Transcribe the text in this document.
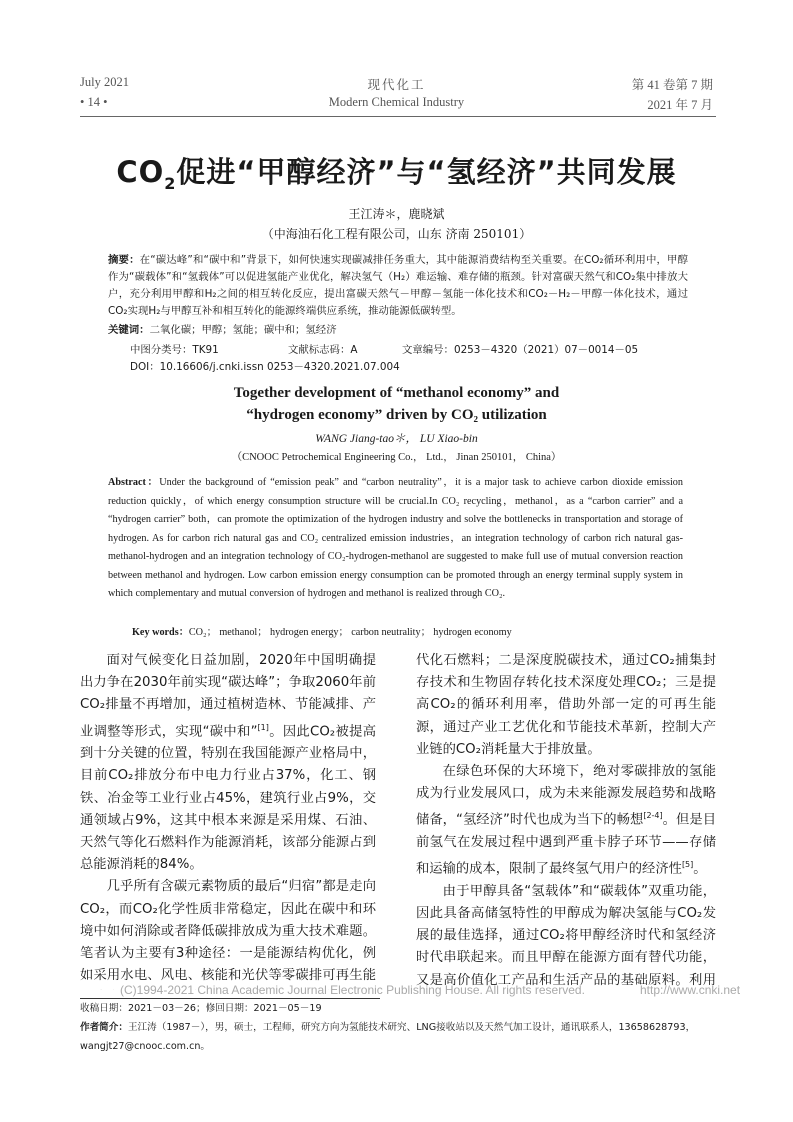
July 2021
• 14 •
现代化工
Modern Chemical Industry
第 41 卷第 7 期
2021 年 7 月
$CO_2$促进“甲醇经济”与“氢经济”共同发展
王江涛＊，鹿晓斌
（中海油石化工程有限公司，山东 济南 250101）
摘要：在“碳达峰”和“碳中和”背景下，如何快速实现碳减排任务重大，其中能源消费结构至关重要。在CO₂循环利用中，甲醇作为“碳载体”和“氢载体”可以促进氢能产业优化，解决氢气（H₂）难运输、难存储的瓶颈。针对富碳天然气和CO₂集中排放大户，充分利用甲醇和H₂之间的相互转化反应，提出富碳天然气－甲醇－氢能一体化技术和CO₂－H₂－甲醇一体化技术，通过CO₂实现H₂与甲醇互补和相互转化的能源终端供应系统，推动能源低碳转型。
关键词：二氧化碳；甲醇；氢能；碳中和；氢经济
中图分类号：TK91	文献标志码：A	文章编号：0253－4320（2021）07－0014－05
DOI：10.16606/j.cnki.issn 0253－4320.2021.07.004
Together development of “methanol economy” and
“hydrogen economy” driven by CO₂ utilization
WANG Jiang-tao＊， LU Xiao-bin
（CNOOC Petrochemical Engineering Co.， Ltd.， Jinan 250101， China）
Abstract：Under the background of “emission peak” and “carbon neutrality”，it is a major task to achieve carbon dioxide emission reduction quickly，of which energy consumption structure will be crucial.In CO₂ recycling，methanol，as a “carbon carrier” and a “hydrogen carrier” both，can promote the optimization of the hydrogen industry and solve the bottlenecks in transportation and storage of hydrogen. As for carbon rich natural gas and CO₂ centralized emission industries，an integration technology of carbon rich natural gas-methanol-hydrogen and an integration technology of CO₂-hydrogen-methanol are suggested to make full use of mutual conversion reaction between methanol and hydrogen. Low carbon emission energy consumption can be promoted through an energy terminal supply system in which complementary and mutual conversion of hydrogen and methanol is realized through CO₂.
Key words：CO₂； methanol； hydrogen energy； carbon neutrality； hydrogen economy

面对气候变化日益加剧，2020年中国明确提出力争在2030年前实现“碳达峰”；争取2060年前CO₂排量不再增加，通过植树造林、节能减排、产业调整等形式，实现“碳中和”[1]。因此CO₂被提高到十分关键的位置，特别在我国能源产业格局中，目前CO₂排放分布中电力行业占37%，化工、钢铁、冶金等工业行业占45%，建筑行业占9%，交通领域占9%，这其中根本来源是采用煤、石油、天然气等化石燃料作为能源消耗，该部分能源占到总能源消耗的84%。

几乎所有含碳元素物质的最后“归宿”都是走向CO₂，而CO₂化学性质非常稳定，因此在碳中和环境中如何消除或者降低碳排放成为重大技术难题。笔者认为主要有3种途径：一是能源结构优化，例如采用水电、风电、核能和光伏等零碳排可再生能

代化石燃料；二是深度脱碳技术，通过CO₂捕集封存技术和生物固存转化技术深度处理CO₂；三是提高CO₂的循环利用率，借助外部一定的可再生能源，通过产业工艺优化和节能技术革新，控制大产业链的CO₂消耗量大于排放量。

在绿色环保的大环境下，绝对零碳排放的氢能成为行业发展风口，成为未来能源发展趋势和战略储备，“氢经济”时代也成为当下的畅想[2-4]。但是目前氢气在发展过程中遇到严重卡脖子环节——存储和运输的成本，限制了最终氢气用户的经济性[5]。

由于甲醇具备“氢载体”和“碳载体”双重功能，因此具备高储氢特性的甲醇成为解决氢能与CO₂发展的最佳选择，通过CO₂将甲醇经济时代和氢经济时代串联起来。而且甲醇在能源方面有替代功能，又是高价值化工产品和生活产品的基础原料。利用

(C)1994-2021 China Academic Journal Electronic Publishing House. All rights reserved.	http://www.cnki.net
收稿日期：2021－03－26；修回日期：2021－05－19
作者简介：王江涛（1987－），男，硕士，工程师，研究方向为氢能技术研究、LNG接收站以及天然气加工设计，通讯联系人，13658628793，wangjt27@cnooc.com.cn。
